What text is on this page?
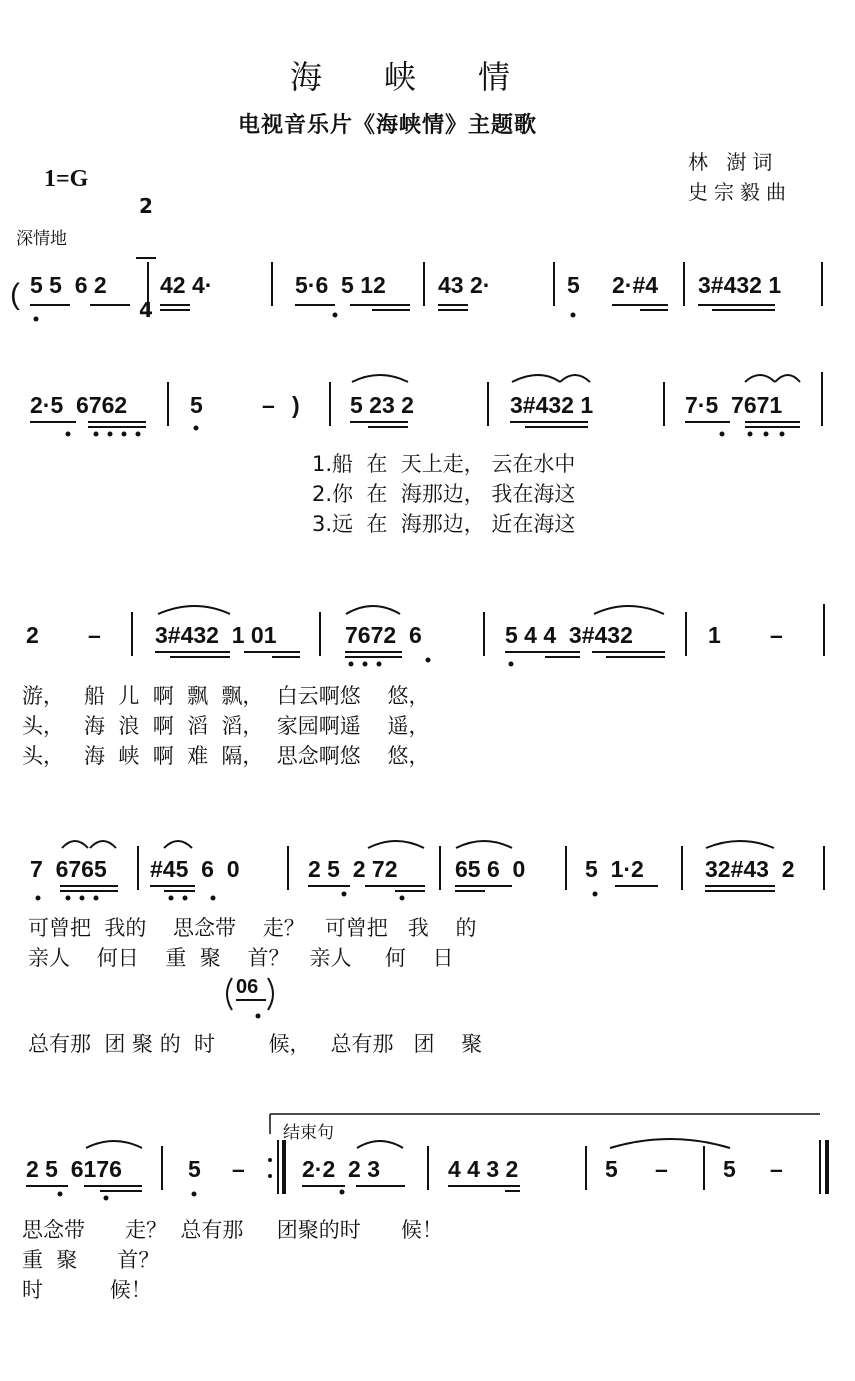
海峡情
电视音乐片《海峡情》主题歌
1=G

2

4

林 澍词
史宗毅曲
深情地
( 5 5  6 2 42 4·	5·6  5 12 43 2·	5 2·#4 3#432 1
2·5  6762	5	– ) 5 23 2	3#432 1	7·5  7671
2 – 3#432  1 01	7672  6	5 4 4  3#432	1 –
7  6765 #45  6  0	2 5  2 72 65 6  0	5  1·2	32#43  2
2 5  6176	5 – 2·2  2 3	4 4 3 2	5 – 5 –
结束句
06
1.船  在  天上走， 云在水中
2.你  在  海那边， 我在海这
3.远  在  海那边， 近在海这
游，   船  儿  啊  飘  飘，  白云啊悠    悠，
头，   海  浪  啊  滔  滔，  家园啊遥    遥，
头，   海  峡  啊  难  隔，  思念啊悠    悠，
可曾把  我的    思念带    走？   可曾把   我    的
亲人    何日    重  聚    首？   亲人     何    日
总有那  团 聚 的  时        候，   总有那   团    聚
思念带      走？  总有那     团聚的时      候！
重  聚      首？
时          候！
